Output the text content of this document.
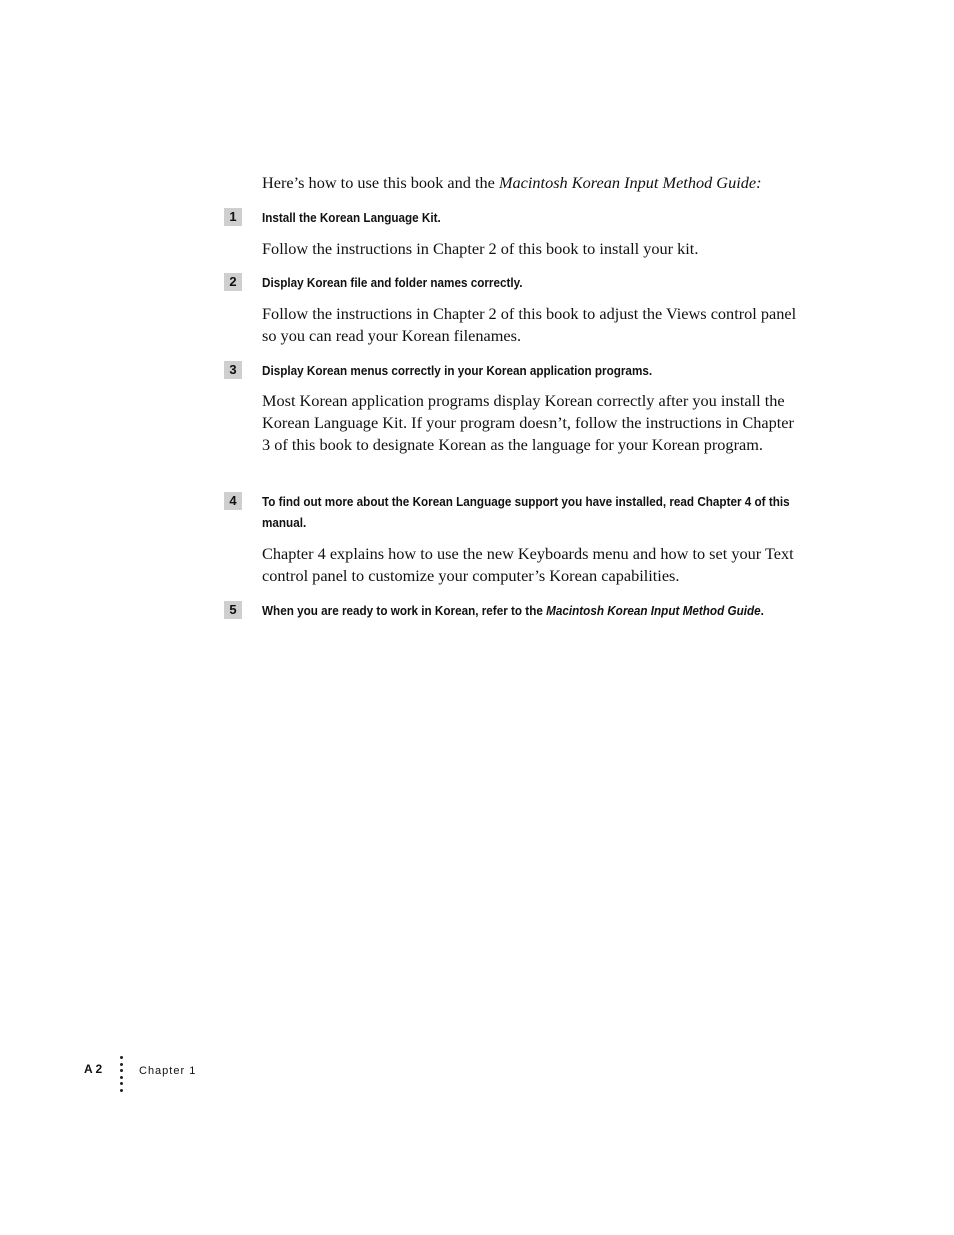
Here’s how to use this book and the Macintosh Korean Input Method Guide:
1	Install the Korean Language Kit.
Follow the instructions in Chapter 2 of this book to install your kit.
2	Display Korean file and folder names correctly.
Follow the instructions in Chapter 2 of this book to adjust the Views control panel so you can read your Korean filenames.
3	Display Korean menus correctly in your Korean application programs.
Most Korean application programs display Korean correctly after you install the Korean Language Kit. If your program doesn’t, follow the instructions in Chapter 3 of this book to designate Korean as the language for your Korean program.
4	To find out more about the Korean Language support you have installed, read Chapter 4 of this manual.
Chapter 4 explains how to use the new Keyboards menu and how to set your Text control panel to customize your computer’s Korean capabilities.
5	When you are ready to work in Korean, refer to the Macintosh Korean Input Method Guide.
A 2	Chapter 1
